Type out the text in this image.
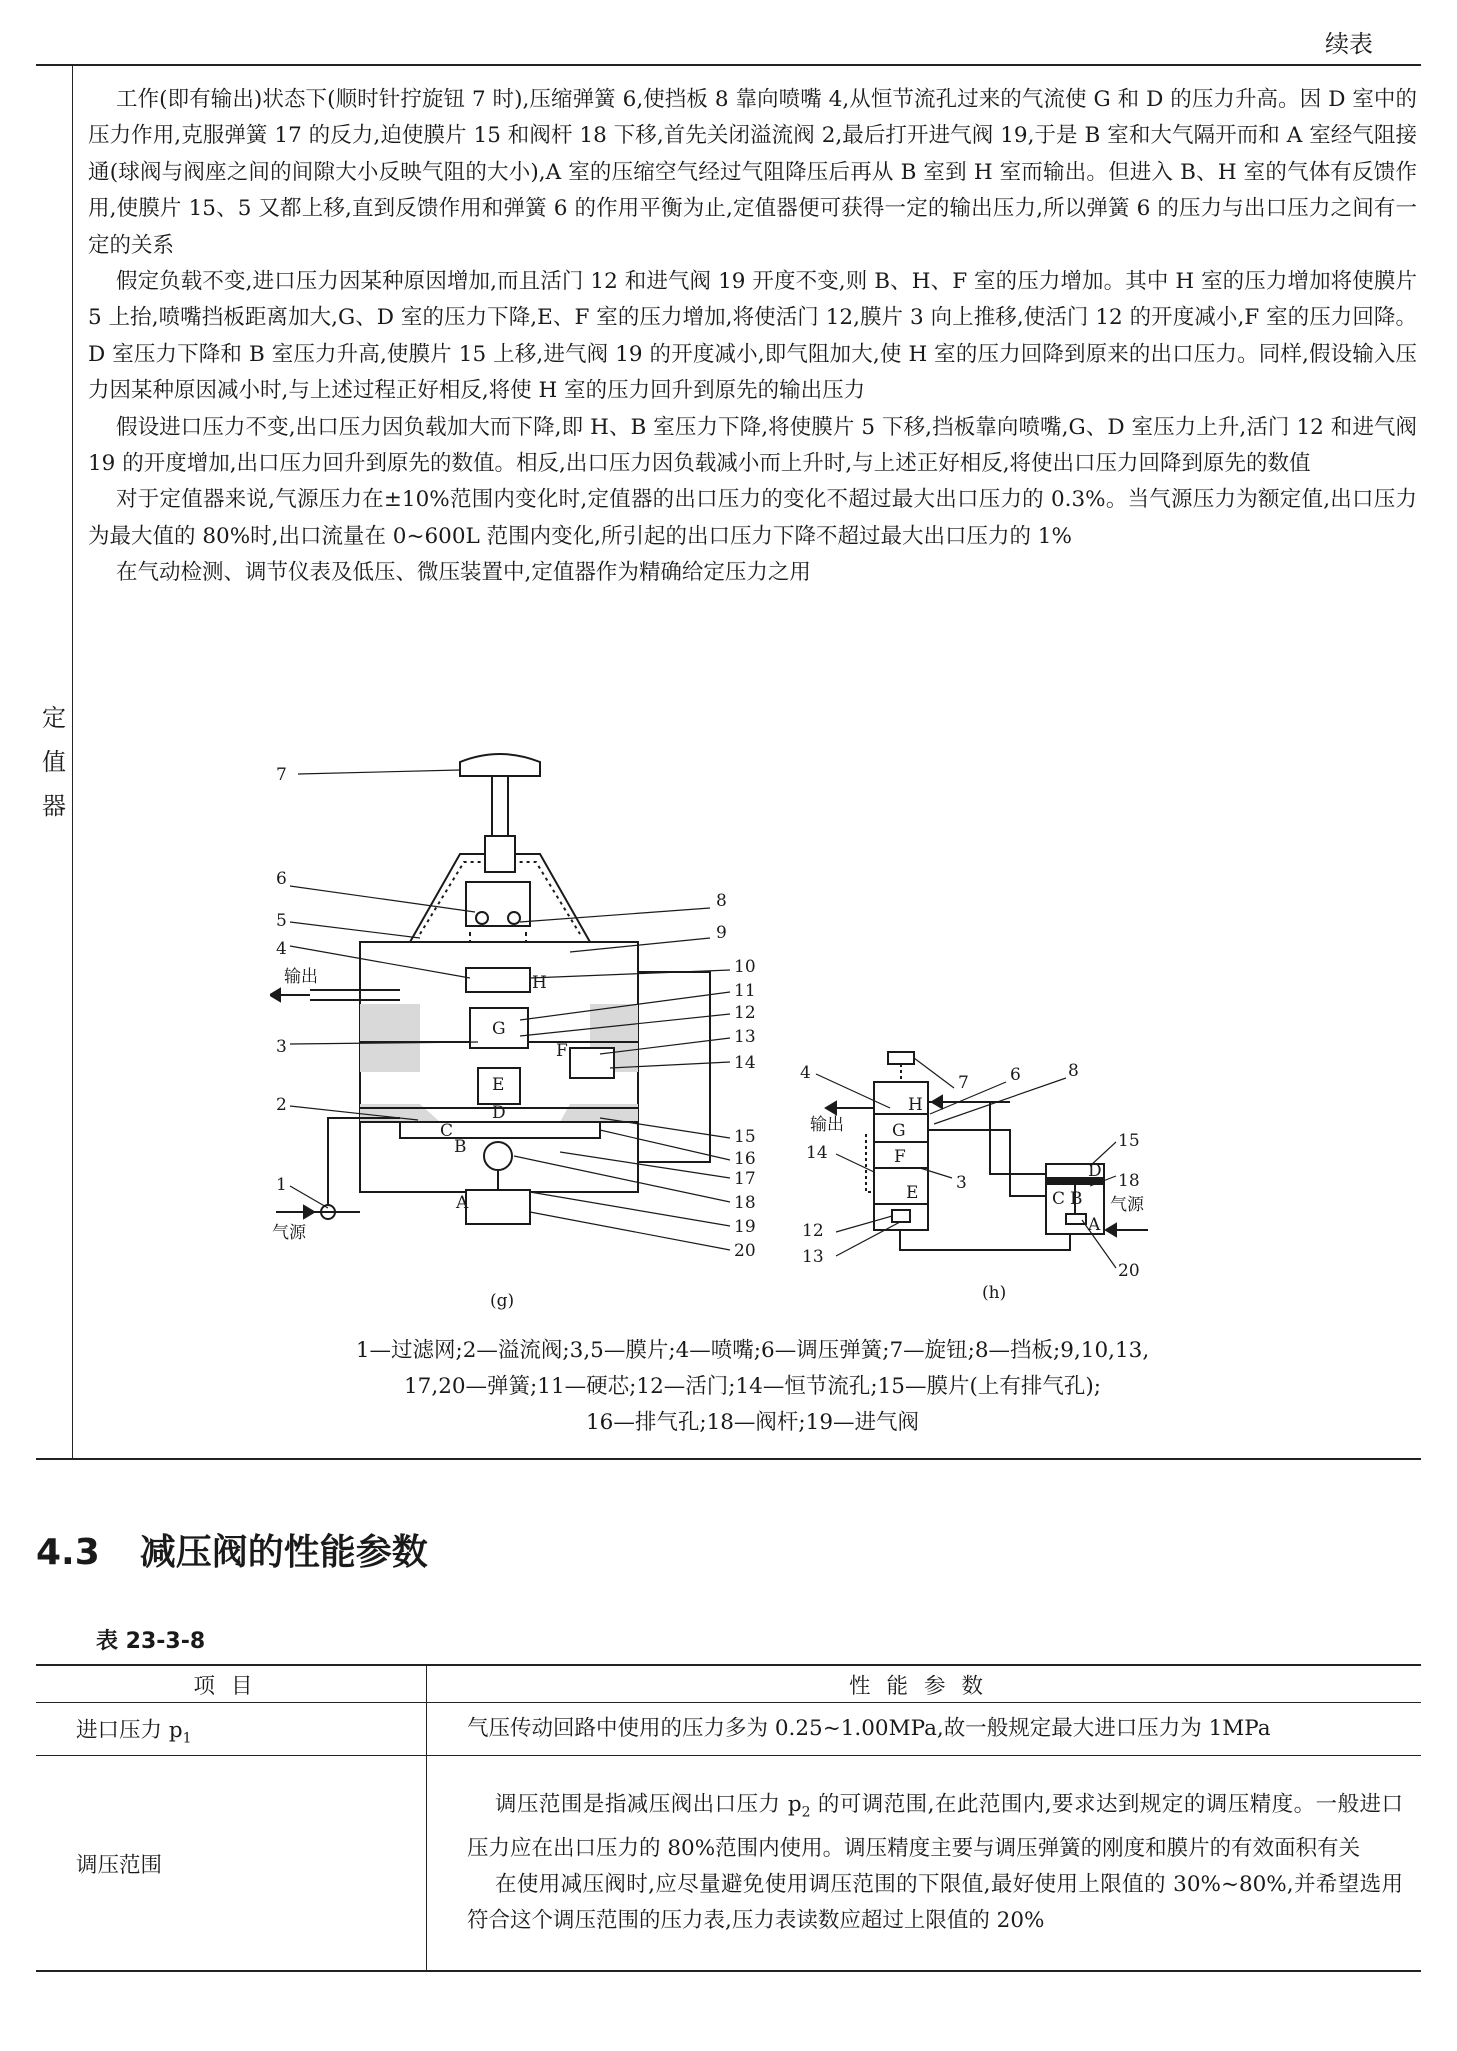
续表
定
值
器

工作(即有输出)状态下(顺时针拧旋钮 7 时),压缩弹簧 6,使挡板 8 靠向喷嘴 4,从恒节流孔过来的气流使 G 和 D 的压力升高。因 D 室中的压力作用,克服弹簧 17 的反力,迫使膜片 15 和阀杆 18 下移,首先关闭溢流阀 2,最后打开进气阀 19,于是 B 室和大气隔开而和 A 室经气阻接通(球阀与阀座之间的间隙大小反映气阻的大小),A 室的压缩空气经过气阻降压后再从 B 室到 H 室而输出。但进入 B、H 室的气体有反馈作用,使膜片 15、5 又都上移,直到反馈作用和弹簧 6 的作用平衡为止,定值器便可获得一定的输出压力,所以弹簧 6 的压力与出口压力之间有一定的关系

假定负载不变,进口压力因某种原因增加,而且活门 12 和进气阀 19 开度不变,则 B、H、F 室的压力增加。其中 H 室的压力增加将使膜片 5 上抬,喷嘴挡板距离加大,G、D 室的压力下降,E、F 室的压力增加,将使活门 12,膜片 3 向上推移,使活门 12 的开度减小,F 室的压力回降。D 室压力下降和 B 室压力升高,使膜片 15 上移,进气阀 19 的开度减小,即气阻加大,使 H 室的压力回降到原来的出口压力。同样,假设输入压力因某种原因减小时,与上述过程正好相反,将使 H 室的压力回升到原先的输出压力

假设进口压力不变,出口压力因负载加大而下降,即 H、B 室压力下降,将使膜片 5 下移,挡板靠向喷嘴,G、D 室压力上升,活门 12 和进气阀 19 的开度增加,出口压力回升到原先的数值。相反,出口压力因负载减小而上升时,与上述正好相反,将使出口压力回降到原先的数值

对于定值器来说,气源压力在±10%范围内变化时,定值器的出口压力的变化不超过最大出口压力的 0.3%。当气源压力为额定值,出口压力为最大值的 80%时,出口流量在 0~600L 范围内变化,所引起的出口压力下降不超过最大出口压力的 1%

在气动检测、调节仪表及低压、微压装置中,定值器作为精确给定压力之用

7
6
5
4
输出
3
2
1
气源
8
9
10
11
12
13
14
15
16
17
18
19
20
H
G
F
E
D
C
B
A
(g)
4	7 6	8
输出
14
3
12
13
15
18
气源
20
H
G
F
E
D
C B
A
(h)
1—过滤网;2—溢流阀;3,5—膜片;4—喷嘴;6—调压弹簧;7—旋钮;8—挡板;9,10,13,
17,20—弹簧;11—硬芯;12—活门;14—恒节流孔;15—膜片(上有排气孔);
16—排气孔;18—阀杆;19—进气阀
4.3 减压阀的性能参数
表 23-3-8
项目	性能参数
进口压力 $p_1$	气压传动回路中使用的压力多为 0.25~1.00MPa,故一般规定最大进口压力为 1MPa
调压范围	调压范围是指减压阀出口压力 $p_2$ 的可调范围,在此范围内,要求达到规定的调压精度。一般进口压力应在出口压力的 80%范围内使用。调压精度主要与调压弹簧的刚度和膜片的有效面积有关

在使用减压阀时,应尽量避免使用调压范围的下限值,最好使用上限值的 30%~80%,并希望选用符合这个调压范围的压力表,压力表读数应超过上限值的 20%
